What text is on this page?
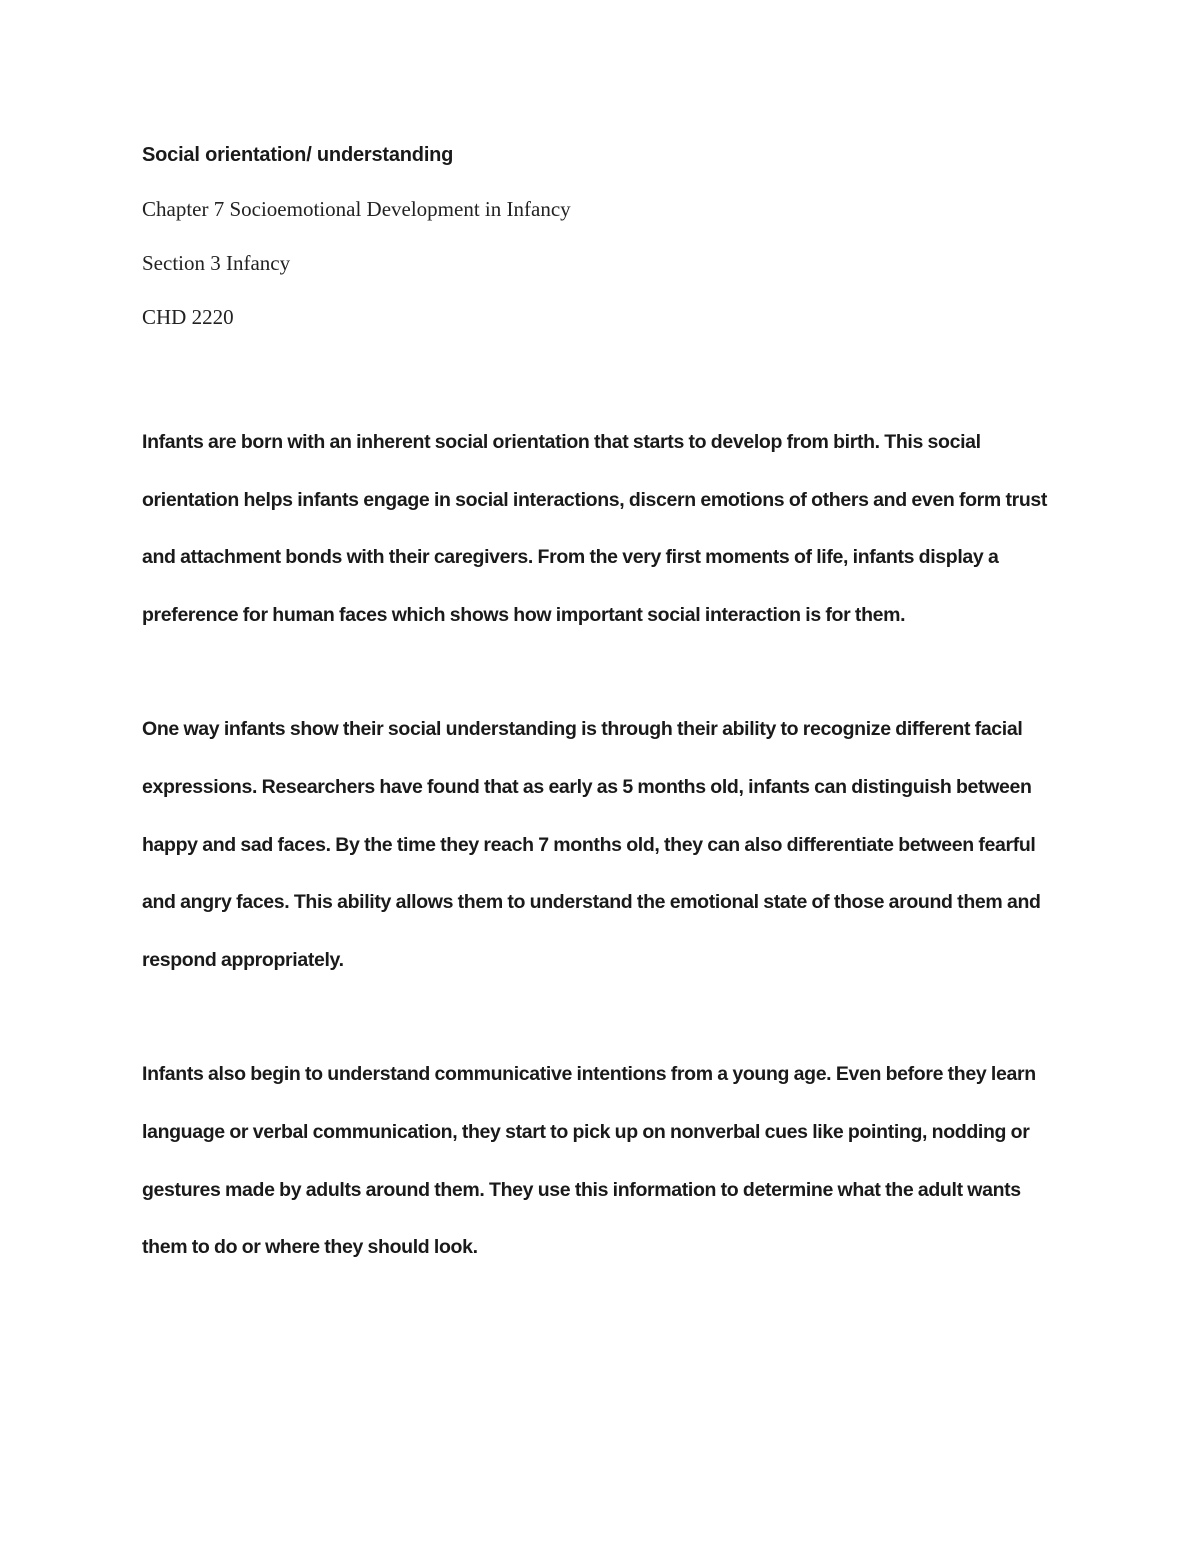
Social orientation/ understanding

Chapter 7 Socioemotional Development in Infancy

Section 3 Infancy

CHD 2220

Infants are born with an inherent social orientation that starts to develop from birth. This social orientation helps infants engage in social interactions, discern emotions of others and even form trust and attachment bonds with their caregivers. From the very first moments of life, infants display a preference for human faces which shows how important social interaction is for them.

One way infants show their social understanding is through their ability to recognize different facial expressions. Researchers have found that as early as 5 months old, infants can distinguish between happy and sad faces. By the time they reach 7 months old, they can also differentiate between fearful and angry faces. This ability allows them to understand the emotional state of those around them and respond appropriately.

Infants also begin to understand communicative intentions from a young age. Even before they learn language or verbal communication, they start to pick up on nonverbal cues like pointing, nodding or gestures made by adults around them. They use this information to determine what the adult wants them to do or where they should look.
